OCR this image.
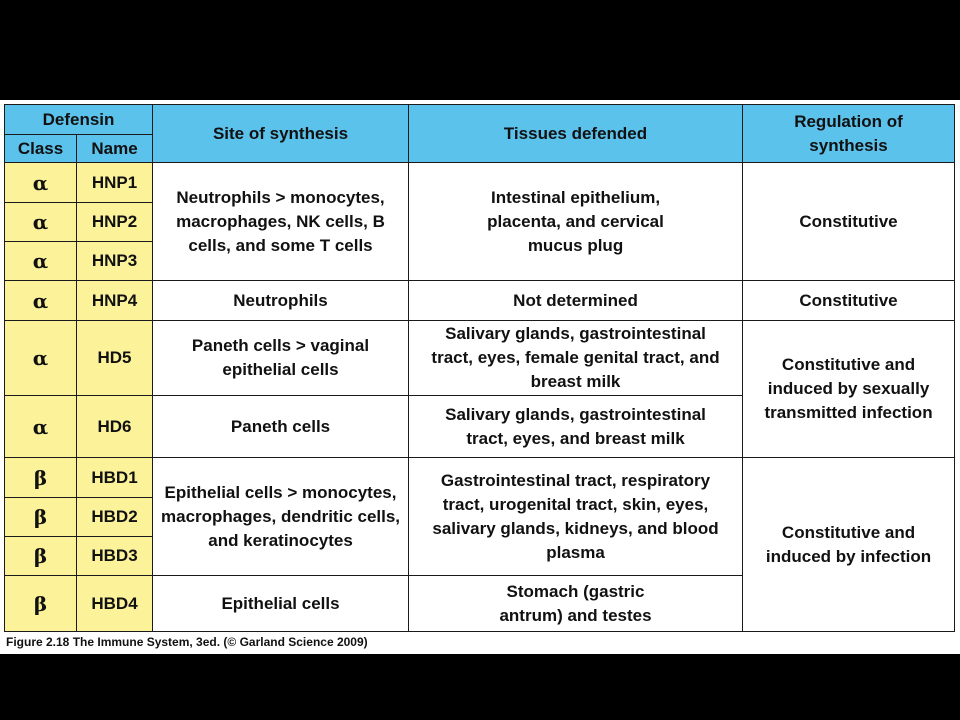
Defensin		Site of synthesis	Tissues defended	Regulation of synthesis
Class	Name			
α	HNP1	Neutrophils > monocytes, macrophages, NK cells, B cells, and some T cells	Intestinal epithelium, placenta, and cervical mucus plug	Constitutive
α	HNP2			
α	HNP3			
α	HNP4	Neutrophils	Not determined	Constitutive
α	HD5	Paneth cells > vaginal epithelial cells	Salivary glands, gastrointestinal tract, eyes, female genital tract, and breast milk	Constitutive and induced by sexually transmitted infection
α	HD6	Paneth cells	Salivary glands, gastrointestinal tract, eyes, and breast milk	
β	HBD1	Epithelial cells > monocytes, macrophages, dendritic cells, and keratinocytes	Gastrointestinal tract, respiratory tract, urogenital tract, skin, eyes, salivary glands, kidneys, and blood plasma	Constitutive and induced by infection
β	HBD2			
β	HBD3			
β	HBD4	Epithelial cells	Stomach (gastric antrum) and testes	
Figure 2.18 The Immune System, 3ed. (© Garland Science 2009)
